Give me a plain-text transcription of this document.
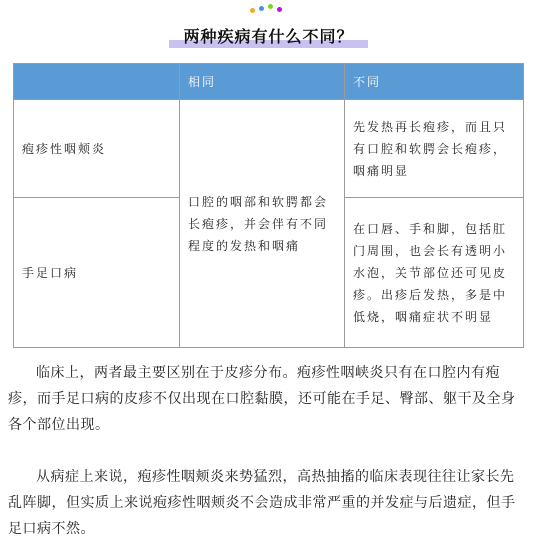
两种疾病有什么不同？
	相同	不同
疱疹性咽颊炎	口腔的咽部和软腭都会长疱疹，并会伴有不同程度的发热和咽痛	先发热再长疱疹，而且只有口腔和软腭会长疱疹，咽痛明显
手足口病		在口唇、手和脚，包括肛门周围，也会长有透明小水泡，关节部位还可见皮疹。出疹后发热，多是中低烧，咽痛症状不明显

临床上，两者最主要区别在于皮疹分布。疱疹性咽峡炎只有在口腔内有疱疹，而手足口病的皮疹不仅出现在口腔黏膜，还可能在手足、臀部、躯干及全身各个部位出现。

从病症上来说，疱疹性咽颊炎来势猛烈，高热抽搐的临床表现往往让家长先乱阵脚，但实质上来说疱疹性咽颊炎不会造成非常严重的并发症与后遗症，但手足口病不然。
